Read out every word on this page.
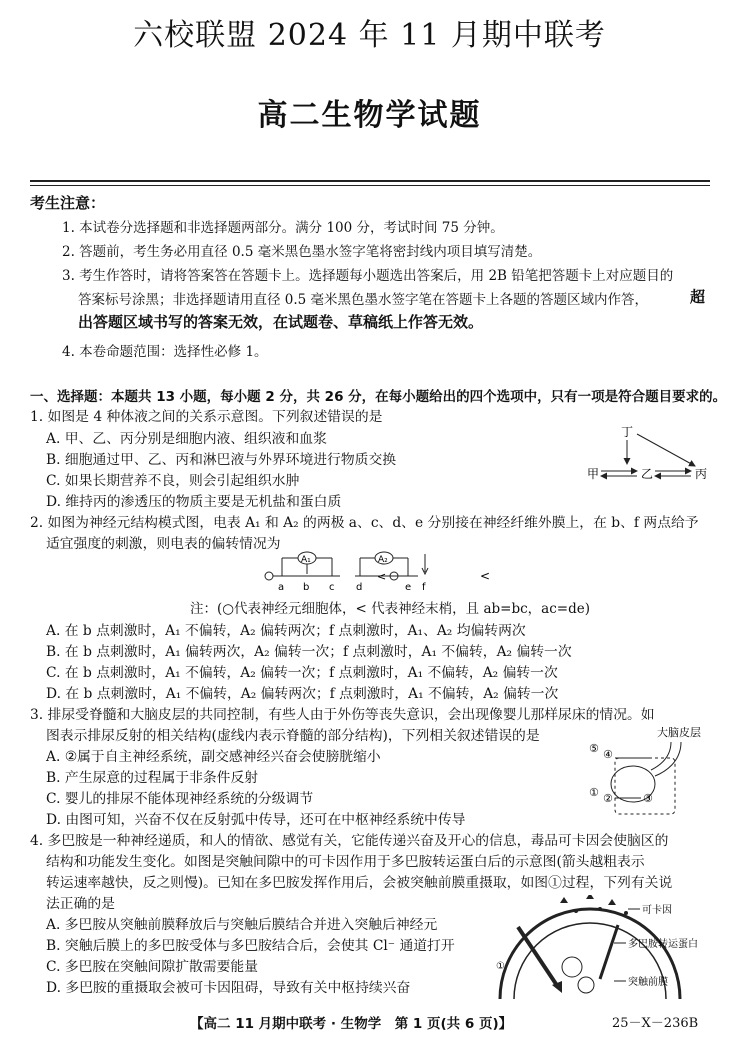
六校联盟 2024 年 11 月期中联考
高二生物学试题
考生注意：
1. 本试卷分选择题和非选择题两部分。满分 100 分，考试时间 75 分钟。
2. 答题前，考生务必用直径 0.5 毫米黑色墨水签字笔将密封线内项目填写清楚。
3. 考生作答时，请将答案答在答题卡上。选择题每小题选出答案后，用 2B 铅笔把答题卡上对应题目的
答案标号涂黑；非选择题请用直径 0.5 毫米黑色墨水签字笔在答题卡上各题的答题区域内作答，	超
出答题区域书写的答案无效，在试题卷、草稿纸上作答无效。
4. 本卷命题范围：选择性必修 1。
一、选择题：本题共 13 小题，每小题 2 分，共 26 分，在每小题给出的四个选项中，只有一项是符合题目要求的。
1. 如图是 4 种体液之间的关系示意图。下列叙述错误的是
A. 甲、乙、丙分别是细胞内液、组织液和血浆
B. 细胞通过甲、乙、丙和淋巴液与外界环境进行物质交换
C. 如果长期营养不良，则会引起组织水肿
D. 维持丙的渗透压的物质主要是无机盐和蛋白质
丁
甲	乙	丙
2. 如图为神经元结构模式图，电表 A₁ 和 A₂ 的两极 a、c、d、e 分别接在神经纤维外膜上，在 b、f 两点给予
适宜强度的刺激，则电表的偏转情况为
A₁
a b c
A₂
d
<
e f
<
注：(○代表神经元细胞体，< 代表神经末梢，且 ab=bc，ac=de)
A. 在 b 点刺激时，A₁ 不偏转，A₂ 偏转两次；f 点刺激时，A₁、A₂ 均偏转两次
B. 在 b 点刺激时，A₁ 偏转两次，A₂ 偏转一次；f 点刺激时，A₁ 不偏转，A₂ 偏转一次
C. 在 b 点刺激时，A₁ 不偏转，A₂ 偏转一次；f 点刺激时，A₁ 不偏转，A₂ 偏转一次
D. 在 b 点刺激时，A₁ 不偏转，A₂ 偏转两次；f 点刺激时，A₁ 不偏转，A₂ 偏转一次
3. 排尿受脊髓和大脑皮层的共同控制，有些人由于外伤等丧失意识，会出现像婴儿那样尿床的情况。如
图表示排尿反射的相关结构(虚线内表示脊髓的部分结构)，下列相关叙述错误的是
A. ②属于自主神经系统，副交感神经兴奋会使膀胱缩小
B. 产生尿意的过程属于非条件反射
C. 婴儿的排尿不能体现神经系统的分级调节
D. 由图可知，兴奋不仅在反射弧中传导，还可在中枢神经系统中传导
大脑皮层
⑤ ④
① ②	③
4. 多巴胺是一种神经递质，和人的情欲、感觉有关，它能传递兴奋及开心的信息，毒品可卡因会使脑区的
结构和功能发生变化。如图是突触间隙中的可卡因作用于多巴胺转运蛋白后的示意图(箭头越粗表示
转运速率越快，反之则慢)。已知在多巴胺发挥作用后，会被突触前膜重摄取，如图①过程，下列有关说
法正确的是
A. 多巴胺从突触前膜释放后与突触后膜结合并进入突触后神经元
B. 突触后膜上的多巴胺受体与多巴胺结合后，会使其 Cl⁻ 通道打开
C. 多巴胺在突触间隙扩散需要能量
D. 多巴胺的重摄取会被可卡因阻碍，导致有关中枢持续兴奋
①
可卡因
多巴胺转运蛋白
突触前膜
【高二 11 月期中联考 · 生物学　第 1 页(共 6 页)】	25－X－236B
